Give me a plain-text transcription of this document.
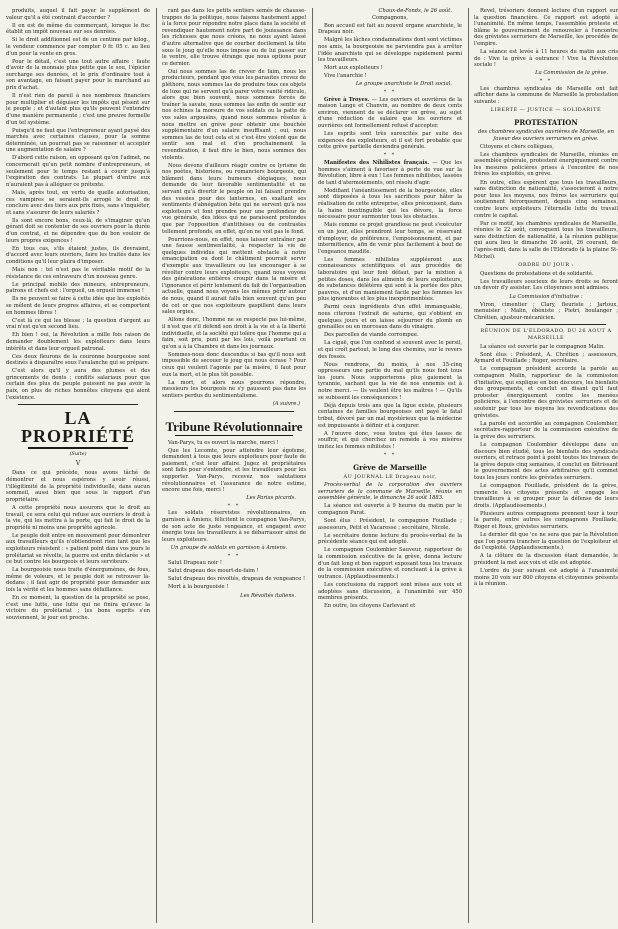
produits, auquel il fait payer le supplément de valeur qu'il a été contraint d'accorder ?

Il en est de même du commerçant, lorsque le fisc établit un impôt nouveau sur ses denrées.

Si le droit additionnel est de un centime par kilog., le vendeur commence par compter 0 fr. 05 c. au lieu d'un pour la vente en gros.

Pour le détail, c'est une tout autre affaire : faute d'avoir de la monnaie plus petite que le sou, l'épicier surcharge ses denrées, et le prix d'ordinaire tout à son avantage, en faisant payer pour le marchand au prix d'achat.

Il n'est rien de pareil à nos nombreux financiers pour multiplier et déguiser les impôts qui pèsent sur le peuple ; et d'autant plus qu'ils peuvent l'entendre d'une manière permanente ; c'est une preuve formelle d'un tel système.

Puisqu'il ne faut que l'entrepreneur ayant paysé des marchés avec certaines clauses, pour la somme déterminée, un pourrait pas se raisonner et accepter une augmentation de salaire ?

D'abord cette raison, en opposant qu'on l'admet, ne concernerait qu'un petit nombre d'entrepreneurs, et seulement pour le temps restant à courir jusqu'à l'expiration des contrats. Le plupart d'entre eux n'auraient pas à alléguer ce prétexte.

Mais, après tout, en vertu de quelle autorisation, ces vampires se seraient-ils arrogé le droit de conclure avec des tiers aux prix fixés, sans s'inquiéter, et sans s'assurer de leurs salariés ?

Ils sont encore bons, ceux-là, de s'imaginer qu'un gérant doit se contenter de ses ouvriers pour la durée d'un contrat, et ne dépendre que du bon vouloir de leurs propres exigences !

En tous cas, s'ils étaient justes, ils devraient, d'accord avec leurs ouvriers, faire les traités dans les conditions qu'il leur plaira d'imposer.

Mais non : tel n'est pas le véritable motif de la résistance de ces entraveurs d'un nouveau genre.

Le principal mobile des mineurs, entrepreneurs, patrons et chefs est : l'orgueil, un orgueil immense !

Ils ne peuvent se faire à cette idée que les exploités se mêlent de leurs propres affaires, et se comportent en hommes libres !

C'est là ce qui les blesse ; la question d'argent au vrai n'est qu'en second lieu.

Eh bien ! oui, la Révolution a mille fois raison de demander doublement les exploiteurs dans leurs intérêts et dans leur orgueil patronal.

Ces deux fleurons de la couronne bourgeoise sont destinés à disparaître sous l'avalanche qui se prépare.

C'est alors qu'il y aura des plumes et des grincements de dents ; conflits salariaux pour que certain des plus du peuple puissent ne pas avoir la paix, on plus de riches honnêtes citoyens qui aient l'existence.

LA PROPRIÉTÉ
(Suite)
V

Dans ce qui précède, nous avons tâché de démontrer et nous espérons y avoir réussi, l'illégitimité de la propriété individuelle, dans aucun sommeil, aussi bien que sous le rapport d'un propriétaire.

A cette propriété nous assurons que le droit au travail, ce sera celui qui refuse aux ouvriers le droit à la vie, qui les mettra à la porte, qui fait le droit de la propriété ni moins une propriété agricole.

Le peuple doit entre en mouvement pour démontrer aux travailleurs qu'ils n'obtiendront rien tant que les exploiteurs résistent : « patient point dans vos jours le prolétariat se révolte, la guerre est enfin déclarée » et ce but contre les bourgeois et leurs serviteurs.

La bourgeoisie nous traite d'énergumènes, de fous, même de voleurs, et le peuple doit se retrouver là-dedans ; il faut agir de propriété pour demander aux lois la vérité et les hommes sans défaillance.

En ce moment, la question de la propriété se pose, c'est une lutte, une lutte qui ne finira qu'avec la victoire du prolétariat ; les bons esprits s'en souviennent, le jour est proche.

rant pas dans les petits sentiers semés de chausse-trappes de la politique, nous faisons hautement appel à la force pour répondre notre place dans la société et revendiquer hautement notre part de jouissance dans les richesses que nous créons, ne nous ayant laissé d'autre alternative que de courber docilement la tête sous le joug qu'elle nous impose ou de lui passer sur le ventre, elle trouve étrange que nous options pour ce dernier.

Oui nous sommes las de crever de faim, nous les producteurs, pendant que vous les parasites crevez de pléthore, nous sommes las de produire tous ces objets de luxe qui ne servent qu'à parer votre vanité ridicule, alors que bien souvent, nous sommes forcés de traîner la savate, nous sommes las enfin de sentir sur nos échines la morsure de vos soldats ou la patte de vos sales argousins, quand nous sommes résolus à nous mettre en grève pour obtenir une bouchée supplémentaire d'un salaire insuffisant ; oui, nous sommes las de tout cela et si c'est être violent que de sentir son mal et d'en prochainement la revendication, il faut dire le bien, nous sommes des violents.

Nous devons d'ailleurs réagir contre ce lyrisme de nos poètes, historiens, ou romanciers bourgeois, qui blâment dans leurs humeurs élégiaques, nous demande de leur favorable sentimentalité et ne servant qu'à divertir le peuple on lui faisant prendre des vessies pour des lanternes, en exaltant ses sentiments d'abnégation béte qui ne servent qu'à nos exploiteurs et font prendre pour une profondeur de vue générale, des idées qui ne paraissent profondes que par l'opposition d'antithèses ou de contrastes tellement profonds, en effet, qu'on ne voit pas le fond.

Pourrions-nous, en effet, nous laisser entraîner par une fausse sentimentalité, à respecter la vie de quelques individus qui mettent obstacle à notre émancipation ou dont le châtiment pourrait servir d'exemple aux travailleurs ou les encourager à se révolter contre leurs exploiteurs, quand nous voyons des générations entières croupir dans la misère et l'ignorance et périr lentement du fait de l'organisation actuelle, quand nous voyons les mêmes périr autour de nous, quand il aurait fallu bien souvent qu'un peu de cet or que nos exploiteurs gaspillent dans leurs sales orgies.

Allons donc, l'homme ne se respecte pas lui-même, il n'est que s'il défend son droit à la vie et à la liberté individuelle, et la société qui tolère que l'homme qui a faim, soit pris, puni par les lois, voilà pourtant ce qu'on a à la Chambre et dans les journaux.

Sommes-nous donc descendus si bas qu'il nous soit impossible de secouer le joug qui nous écrase ? Pour ceux qui veulent l'agonie par la misère, il faut pour eux la mort, et le plus tôt possible.

La mort, et alors nous pourrons répondre, messieurs les bourgeois ne s'y gaussent pas dans les sentiers perdus du sentimentalisme.

(A suivre.)
Tribune Révolutionnaire

Van-Parys, tu es ouvert la marche, merci !

Que les Lecomte, pour atteindre leur égoïsme, demandent à tous que leurs exploiteurs pour faute de paiement, c'est leur affaire. Jugez et propriétaires sont faits pour s'entendre, et les travailleurs pour les supporter. Van-Parys, recevez nos salutations révolutionnaires et l'assurance de notre estime, encore une fois, merci !

Les Parias picards.
* *

Les soldats réservistes révolutionnaires, en garnison à Amiens, félicitent le compagnon Van-Parys, de son acte de juste vengeance, et engagent avec énergie tous les travailleurs à se débarrasser ainsi de leurs exploiteurs.

Un groupe de soldats en garnison à Amiens.
* *

Salut Drapeau noir !

Salut drapeau des mourt-de-faim !

Salut drapeau des révoltés, drapeau de vengeance !

Mort à la bourgeoisie !

Les Révoltés italiens.
Chaux-de-Fonds, le 26 août.

Compagnons,

Bon accueil est fait au nouvel organe anarchiste, le Drapeau noir.

Malgré les lâches condamnations dont sont victimes nos amis, la bourgeoisie ne parviendra pas à arrêter l'idée anarchiste qui se développe rapidement parmi les travailleurs.

Mort aux exploiteurs !

Vive l'anarchie !

Le groupe anarchiste le Droit social.
* *

Grève à Troyes. — Les ouvriers et ouvrières de la maison Lange et Chanvin, au nombre de deux cents environ, viennent de se déclarer en grève, au sujet d'une réduction de salaire que les ouvriers et ouvrières ont formellement refusé d'accepter.

Les esprits sont très surexcités par suite des exigences des exploiteurs, et il est fort probable que cette grève partielle deviendra générale.

* *

Manifestes des Nihilistes français. — Que les hommes s'aiment à favoriser à perte de vue sur la Révolution, libre à eux ! Les femmes nihilistes, lassées de tant d'atermoiements, ont résolu d'agir.

Modifiant l'anéantissement de la bourgeoisie, elles sont disposées à tous les sacrifices pour hâter la réalisation de cette entreprise, elles préconisent, dans la haine inextinguible qui les dévore, la force nécessaire pour surmonter tous les obstacles.

Mais comme ce projet grandiose ne peut s'exécuter en un jour, elles prendront leur temps, se réservant d'employer, de préférence, l'empoisonnement, et par intermittence, afin de venir plus facilement à bout de l'engeance maudite.

Les femmes nihilistes suppléeront aux connaissances scientifiques et aux procédés de laboratoire qui leur font défaut, par la mixtion à petites doses, dans les aliments de leurs exploiteurs, de substances délétères qui sont à la portée des plus pauvres, et d'un maniement facile par les femmes les plus ignorantes et les plus inexpérimentées.

Parmi ceux ingrédients d'un effet immanquable, nous citerons l'extrait de saturne, qui s'obtient en quelques jours et on laisse séjourner du plomb en grenailles ou en morceaux dans du vinaigre.

Des parcelles de viande corrompue.

La ciguë, que l'on confond si souvent avec le persil, et qui croît partout, le long des chemins, sur le revers des fossés.

Nous rendrons, du moins, à nos 35-cinq oppresseurs une partie du mal qu'ils nous font tous les jours. Nous supporterons plus gaiement la tyrannie, sachant que la vie de nos ennemis est à notre merci. — Ils veulent être les maîtres ! — Qu'ils se subissent les conséquences !

Déjà depuis trois ans que la ligue existe, plusieurs centaines de familles bourgeoises ont payé le fatal tribut, dévoré par un mal mystérieux que la médecine est impuissante à définir et à conjurer.

A l'œuvre donc, vous toutes qui êtes lasses de souffrir, et qui cherchez un remède à vos misères imitez les femmes nihilistes !

* *
Grève de Marseille
AU JOURNAL LE Drapeau noir,

Procès-verbal de la corporation des ouvriers serruriers de la commune de Marseille, réunis en assemblée générale, le dimanche 26 août 1883.

La séance est ouverte à 9 heures du matin par le compagnon Parat.

Sont élus : Président, le compagnon Fouillade ; assesseurs, Petit et Vacaresse ; secrétaire, Nicole.

Le secrétaire donne lecture du procès-verbal de la précédente séance qui est adopté.

Le compagnon Coulombier Sauveur, rapporteur de la commission exécutive de la grève, donna lecture d'un fait long et bon rapport exposant tous les travaux de la commission exécutive et concluant à la grève à outrance. (Applaudissements.)

Les conclusions du rapport sont mises aux voix et adoptées sans discussion, à l'unanimité sur 450 membres présents.

En outre, les citoyens Carlevant et

Revel, trésoriers donnent lecture d'un rapport sur la question financière. Ce rapport est adopté à l'unanimité. En même temps, l'assemblée proteste et blâme le gouvernement de renouveler à l'encontre des grévistes serruriers de Marseille, les procédés de l'empire.

La séance est levée à 11 heures du matin aux cris de : Vive la grève à outrance ! Vive la Révolution sociale !

La Commission de la grève.
* *

Les chambres syndicales de Marseille ont fait afficher dans la commune de Marseille la protestation suivante :

LIBERTÉ — JUSTICE — SOLIDARITÉ
PROTESTATION

des chambres syndicales ouvrières de Marseille, en faveur des ouvriers serruriers en grève.

Citoyens et chers collègues,

Les chambres syndicales de Marseille, réunies en assemblée générale, protestent énergiquement contre les mesures policières prises à l'encontre de nos frères les exploités, en grève.

En outre, elles espèrent que tous les travailleurs, sans distinction de nationalité, s'associeront à notre pour tous les moyens, nos frères les serruriers qui soutiennent hérorquement, depuis cinq semaines, contre leurs exploiteurs l'éternelle lutte du travail contre le capital.

Par ce motif, les chambres syndicales de Marseille, réunies le 22 août, convoquent tous les travailleurs, sans distinction de nationalité, à la réunion publique qui aura lieu le dimanche 26 août, 26 courant, de l'après-midi, dans la salle de l'Eldorado (à la plaine St-Michel).

ORDRE DU JOUR :

Questions de protestations et de solidarité.

Les travailleurs soucieux de leurs droits se feront un devoir d'y assister. Les citoyennes sont admises.

La Commission d'initiative :

Viron, cimentier ; Clary, fleuriste ; Jartoux, menuisier ; Malin, ébéniste ; Pietri, boulanger ; Chrétien, ajusteur-mécanicien.

RÉUNION DE L'ELDORADO, DU 26 AOUT A MARSEILLE

La séance est ouverte par le compagnon Malin.

Sont élus : Président, A. Chrétien ; assesseurs, Aymard et Fouillade ; Roger, secrétaire.

Le compagnon président accorde la parole au compagnon Malin, rapporteur de la commission d'initiative, qui explique en bon discours, les bienfaits des groupements, et conclut en disant qu'il faut protester énergiquement contre les menées policières, à l'encontre des grévistes serruriers et de soutenir par tous les moyens les revendications des grévistes.

La parole est accordée au compagnon Coulombier, secrétaire-rapporteur de la commission exécutive de la grève des serruriers.

Le compagnon Coulombier développe dans un discours bien étudié, tous les bienfaits des syndicats ouvriers, et retrace point à point toutes les travaux de la grève depuis cinq semaines, il conclut en flétrissant le gouvernement des actes arbitraires qu'il commet tous les jours contre les grévistes serruriers.

Le compagnon Fouillade, président de la grève, remercie les citoyens présents et engage les travailleurs à se grouper pour la défense de leurs droits. (Applaudissements.)

Plusieurs autres compagnons prennent tour à tour la parole, entre autres les compagnons Fouillade, Roger et Roux, grévistes serruriers.

Le dernier dit que 'ce ne sera que par la Révolution que l'on pourra trancher la question de l'exploiteur et de l'exploité. (Applaudissements.)

A la clôture de la discussion étant demandée, le président la met aux voix et elle est adoptée.

L'ordre du jour suivant est adopté à l'unanimité moins 20 voix sur 800 citoyens et citoyennes présents à la réunion.
